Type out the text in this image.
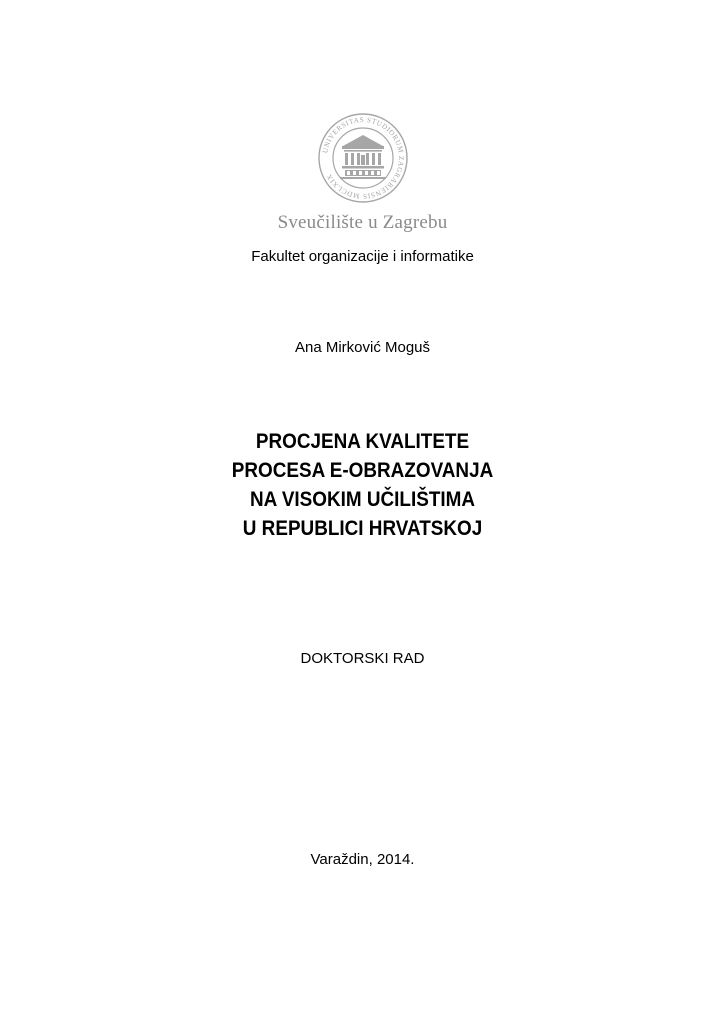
UNIVERSITAS STUDIORUM ZAGRABIENSIS MDCLXIX
Sveučilište u Zagrebu
Fakultet organizacije i informatike
Ana Mirković Moguš
PROCJENA KVALITETE
PROCESA E-OBRAZOVANJA
NA VISOKIM UČILIŠTIMA
U REPUBLICI HRVATSKOJ
DOKTORSKI RAD
Varaždin, 2014.
